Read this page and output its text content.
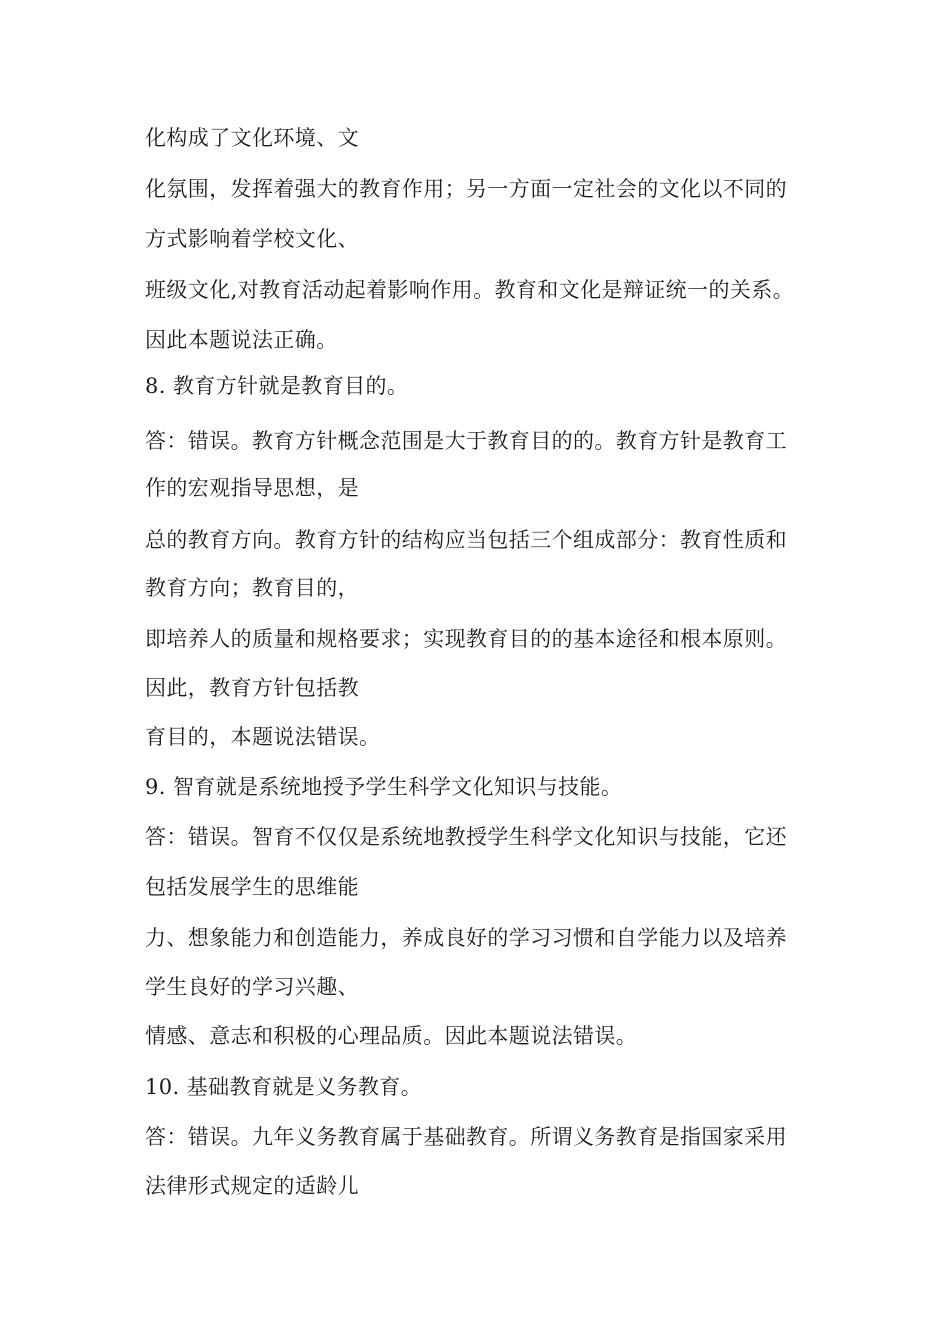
化构成了文化环境、文
化氛围，发挥着强大的教育作用；另一方面一定社会的文化以不同的
方式影响着学校文化、
班级文化,对教育活动起着影响作用。教育和文化是辩证统一的关系。
因此本题说法正确。
8. 教育方针就是教育目的。
答：错误。教育方针概念范围是大于教育目的的。教育方针是教育工
作的宏观指导思想，是
总的教育方向。教育方针的结构应当包括三个组成部分：教育性质和
教育方向；教育目的，
即培养人的质量和规格要求；实现教育目的的基本途径和根本原则。
因此，教育方针包括教
育目的，本题说法错误。
9. 智育就是系统地授予学生科学文化知识与技能。
答：错误。智育不仅仅是系统地教授学生科学文化知识与技能，它还
包括发展学生的思维能
力、想象能力和创造能力，养成良好的学习习惯和自学能力以及培养
学生良好的学习兴趣、
情感、意志和积极的心理品质。因此本题说法错误。
10. 基础教育就是义务教育。
答：错误。九年义务教育属于基础教育。所谓义务教育是指国家采用
法律形式规定的适龄儿
